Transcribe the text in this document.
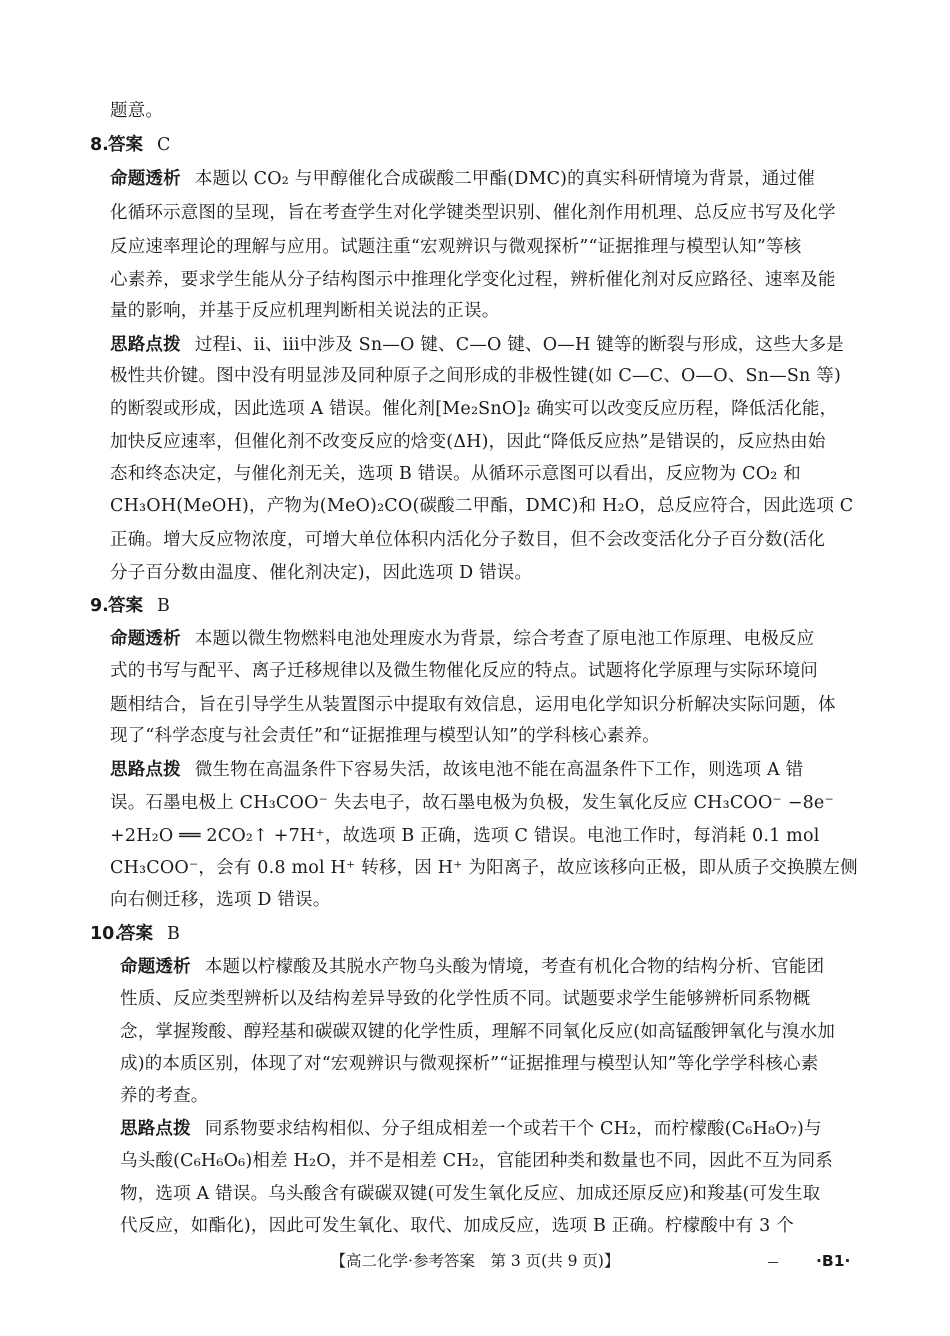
题意。
8. 答案 C
命题透析 本题以 CO₂ 与甲醇催化合成碳酸二甲酯(DMC)的真实科研情境为背景，通过催
化循环示意图的呈现，旨在考查学生对化学键类型识别、催化剂作用机理、总反应书写及化学
反应速率理论的理解与应用。试题注重“宏观辨识与微观探析”“证据推理与模型认知”等核
心素养，要求学生能从分子结构图示中推理化学变化过程，辨析催化剂对反应路径、速率及能
量的影响，并基于反应机理判断相关说法的正误。
思路点拨 过程ⅰ、ⅱ、ⅲ中涉及 Sn—O 键、C—O 键、O—H 键等的断裂与形成，这些大多是
极性共价键。图中没有明显涉及同种原子之间形成的非极性键(如 C—C、O—O、Sn—Sn 等)
的断裂或形成，因此选项 A 错误。催化剂[Me₂SnO]₂ 确实可以改变反应历程，降低活化能，
加快反应速率，但催化剂不改变反应的焓变(ΔH)，因此“降低反应热”是错误的，反应热由始
态和终态决定，与催化剂无关，选项 B 错误。从循环示意图可以看出，反应物为 CO₂ 和
CH₃OH(MeOH)，产物为(MeO)₂CO(碳酸二甲酯，DMC)和 H₂O，总反应符合，因此选项 C
正确。增大反应物浓度，可增大单位体积内活化分子数目，但不会改变活化分子百分数(活化
分子百分数由温度、催化剂决定)，因此选项 D 错误。
9. 答案 B
命题透析 本题以微生物燃料电池处理废水为背景，综合考查了原电池工作原理、电极反应
式的书写与配平、离子迁移规律以及微生物催化反应的特点。试题将化学原理与实际环境问
题相结合，旨在引导学生从装置图示中提取有效信息，运用电化学知识分析解决实际问题，体
现了“科学态度与社会责任”和“证据推理与模型认知”的学科核心素养。
思路点拨 微生物在高温条件下容易失活，故该电池不能在高温条件下工作，则选项 A 错
误。石墨电极上 CH₃COO⁻ 失去电子，故石墨电极为负极，发生氧化反应 CH₃COO⁻ −8e⁻
+2H₂O ══ 2CO₂↑ +7H⁺，故选项 B 正确，选项 C 错误。电池工作时，每消耗 0.1 mol
CH₃COO⁻，会有 0.8 mol H⁺ 转移，因 H⁺ 为阳离子，故应该移向正极，即从质子交换膜左侧
向右侧迁移，选项 D 错误。
10.
答案 B
命题透析 本题以柠檬酸及其脱水产物乌头酸为情境，考查有机化合物的结构分析、官能团
性质、反应类型辨析以及结构差异导致的化学性质不同。试题要求学生能够辨析同系物概
念，掌握羧酸、醇羟基和碳碳双键的化学性质，理解不同氧化反应(如高锰酸钾氧化与溴水加
成)的本质区别，体现了对“宏观辨识与微观探析”“证据推理与模型认知”等化学学科核心素
养的考查。
思路点拨 同系物要求结构相似、分子组成相差一个或若干个 CH₂，而柠檬酸(C₆H₈O₇)与
乌头酸(C₆H₆O₆)相差 H₂O，并不是相差 CH₂，官能团种类和数量也不同，因此不互为同系
物，选项 A 错误。乌头酸含有碳碳双键(可发生氧化反应、加成还原反应)和羧基(可发生取
代反应，如酯化)，因此可发生氧化、取代、加成反应，选项 B 正确。柠檬酸中有 3 个
【高二化学·参考答案　第 3 页(共 9 页)】	·B1·
